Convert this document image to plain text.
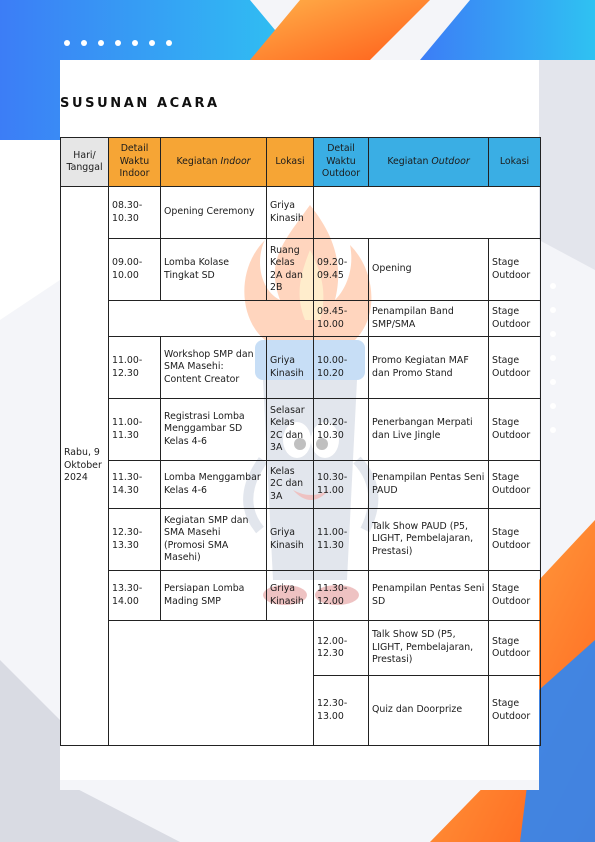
SUSUNAN ACARA
Hari/ Tanggal	Detail Waktu Indoor	Kegiatan Indoor	Lokasi	Detail Waktu Outdoor	Kegiatan Outdoor	Lokasi
Rabu, 9 Oktober 2024	08.30-10.30	Opening Ceremony	Griya Kinasih			
	09.00-10.00	Lomba Kolase Tingkat SD	Ruang Kelas 2A dan 2B	09.20-09.45	Opening	Stage Outdoor
				09.45-10.00	Penampilan Band SMP/SMA	Stage Outdoor
	11.00-12.30	Workshop SMP dan SMA Masehi: Content Creator	Griya Kinasih	10.00-10.20	Promo Kegiatan MAF dan Promo Stand	Stage Outdoor
	11.00-11.30	Registrasi Lomba Menggambar SD Kelas 4-6	Selasar Kelas 2C dan 3A	10.20-10.30	Penerbangan Merpati dan Live Jingle	Stage Outdoor
	11.30-14.30	Lomba Menggambar Kelas 4-6	Kelas 2C dan 3A	10.30-11.00	Penampilan Pentas Seni PAUD	Stage Outdoor
	12.30-13.30	Kegiatan SMP dan SMA Masehi (Promosi SMA Masehi)	Griya Kinasih	11.00-11.30	Talk Show PAUD (P5, LIGHT, Pembelajaran, Prestasi)	Stage Outdoor
	13.30-14.00	Persiapan Lomba Mading SMP	Griya Kinasih	11.30-12.00	Penampilan Pentas Seni SD	Stage Outdoor
				12.00-12.30	Talk Show SD (P5, LIGHT, Pembelajaran, Prestasi)	Stage Outdoor
				12.30-13.00	Quiz dan Doorprize	Stage Outdoor
